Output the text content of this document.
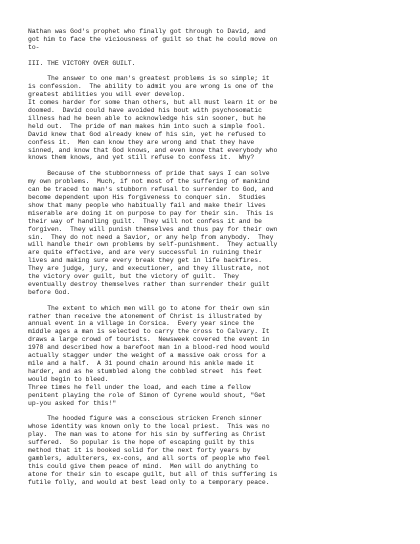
Nathan was God's prophet who finally got through to David, and
got him to face the viciousness of guilt so that he could move on
to-
III. THE VICTORY OVER GUILT.
The answer to one man's greatest problems is so simple; it
is confession.  The ability to admit you are wrong is one of the
greatest abilities you will ever develop.
It comes harder for some than others, but all must learn it or be
doomed.  David could have avoided his bout with psychosomatic
illness had he been able to acknowledge his sin sooner, but he
held out.  The pride of man makes him into such a simple fool.
David knew that God already knew of his sin, yet he refused to
confess it.  Men can know they are wrong and that they have
sinned, and know that God knows, and even know that everybody who
knows them knows, and yet still refuse to confess it.  Why?
Because of the stubbornness of pride that says I can solve
my own problems.  Much, if not most of the suffering of mankind
can be traced to man's stubborn refusal to surrender to God, and
become dependent upon His forgiveness to conquer sin.  Studies
show that many people who habitually fail and make their lives
miserable are doing it on purpose to pay for their sin.  This is
their way of handling guilt.  They will not confess it and be
forgiven.  They will punish themselves and thus pay for their own
sin.  They do not need a Savior, or any help from anybody.  They
will handle their own problems by self-punishment.  They actually
are quite effective, and are very successful in ruining their
lives and making sure every break they get in life backfires.
They are judge, jury, and executioner, and they illustrate, not
the victory over guilt, but the victory of guilt.  They
eventually destroy themselves rather than surrender their guilt
before God.
The extent to which men will go to atone for their own sin
rather than receive the atonement of Christ is illustrated by
annual event in a village in Corsica.  Every year since the
middle ages a man is selected to carry the cross to Calvary. It
draws a large crowd of tourists.  Newsweek covered the event in
1978 and described how a barefoot man in a blood-red hood would
actually stagger under the weight of a massive oak cross for a
mile and a half.  A 31 pound chain around his ankle made it
harder, and as he stumbled along the cobbled street  his feet
would begin to bleed.
Three times he fell under the load, and each time a fellow
penitent playing the role of Simon of Cyrene would shout, "Get
up-you asked for this!"
The hooded figure was a conscious stricken French sinner
whose identity was known only to the local priest.  This was no
play.  The man was to atone for his sin by suffering as Christ
suffered.  So popular is the hope of escaping guilt by this
method that it is booked solid for the next forty years by
gamblers, adulterers, ex-cons, and all sorts of people who feel
this could give them peace of mind.  Men will do anything to
atone for their sin to escape guilt, but all of this suffering is
futile folly, and would at best lead only to a temporary peace.
